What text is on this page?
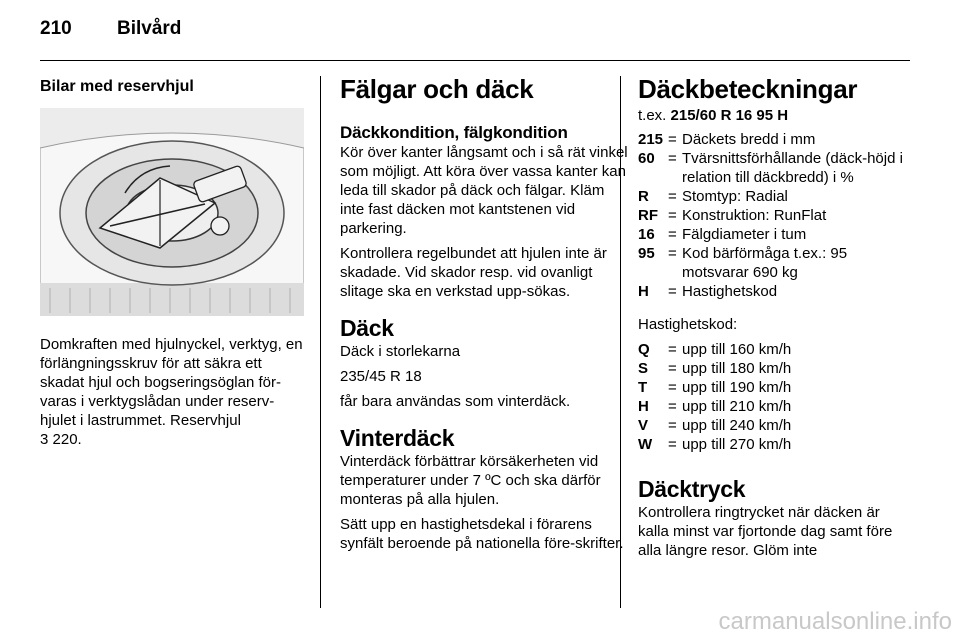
210 Bilvård
Bilar med reservhjul

Domkraften med hjulnyckel, verktyg, en förlängningsskruv för att säkra ett skadat hjul och bogseringsöglan för-varas i verktygslådan under reserv-hjulet i lastrummet. Reservhjul
3 220.

Fälgar och däck
Däckkondition, fälgkondition

Kör över kanter långsamt och i så rät vinkel som möjligt. Att köra över vassa kanter kan leda till skador på däck och fälgar. Kläm inte fast däcken mot kantstenen vid parkering.

Kontrollera regelbundet att hjulen inte är skadade. Vid skador resp. vid ovanligt slitage ska en verkstad upp-sökas.

Däck

Däck i storlekarna

235/45 R 18

får bara användas som vinterdäck.

Vinterdäck

Vinterdäck förbättrar körsäkerheten vid temperaturer under 7 ºC och ska därför monteras på alla hjulen.

Sätt upp en hastighetsdekal i förarens synfält beroende på nationella före-skrifter.

Däckbeteckningar
t.ex. 215/60 R 16 95 H
215 = Däckets bredd i mm
60 = Tvärsnittsförhållande (däck-höjd i relation till däckbredd) i %
R	= Stomtyp: Radial
RF = Konstruktion: RunFlat
16 = Fälgdiameter i tum
95 = Kod bärförmåga t.ex.: 95 motsvarar 690 kg
H	= Hastighetskod

Hastighetskod:

Q	= upp till 160 km/h
S	= upp till 180 km/h
T	= upp till 190 km/h
H	= upp till 210 km/h
V	= upp till 240 km/h
W	= upp till 270 km/h
Däcktryck

Kontrollera ringtrycket när däcken är kalla minst var fjortonde dag samt före alla längre resor. Glöm inte

carmanualsonline.info
